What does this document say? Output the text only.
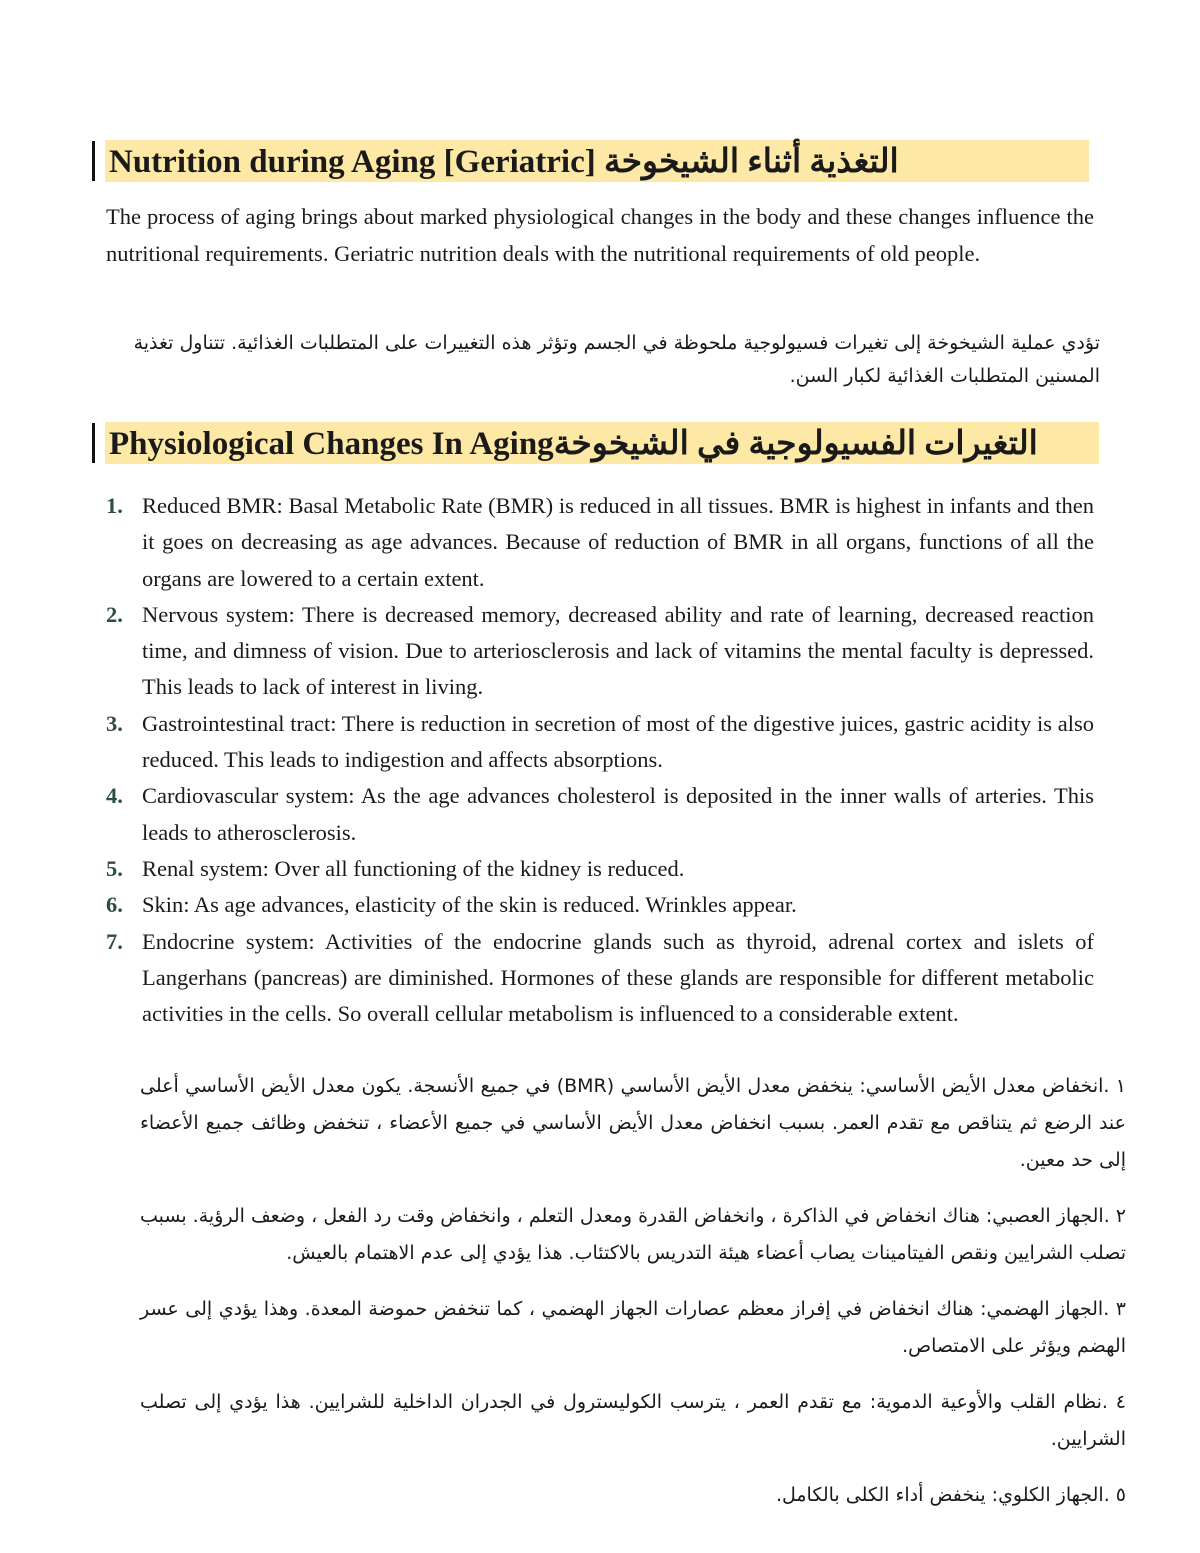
Nutrition during Aging [Geriatric] التغذية أثناء الشيخوخة

The process of aging brings about marked physiological changes in the body and these changes influence the nutritional requirements. Geriatric nutrition deals with the nutritional requirements of old people.

تؤدي عملية الشيخوخة إلى تغيرات فسيولوجية ملحوظة في الجسم وتؤثر هذه التغييرات على المتطلبات الغذائية. تتناول تغذية المسنين المتطلبات الغذائية لكبار السن.

Physiological Changes In Agingالتغيرات الفسيولوجية في الشيخوخة
1. Reduced BMR: Basal Metabolic Rate (BMR) is reduced in all tissues. BMR is highest in infants and then it goes on decreasing as age advances. Because of reduction of BMR in all organs, functions of all the organs are lowered to a certain extent.
2. Nervous system: There is decreased memory, decreased ability and rate of learning, decreased reaction time, and dimness of vision. Due to arteriosclerosis and lack of vitamins the mental faculty is depressed. This leads to lack of interest in living.
3. Gastrointestinal tract: There is reduction in secretion of most of the digestive juices, gastric acidity is also reduced. This leads to indigestion and affects absorptions.
4. Cardiovascular system: As the age advances cholesterol is deposited in the inner walls of arteries. This leads to atherosclerosis.
5. Renal system: Over all functioning of the kidney is reduced.
6. Skin: As age advances, elasticity of the skin is reduced. Wrinkles appear.
7. Endocrine system: Activities of the endocrine glands such as thyroid, adrenal cortex and islets of Langerhans (pancreas) are diminished. Hormones of these glands are responsible for different metabolic activities in the cells. So overall cellular metabolism is influenced to a considerable extent.

١ .انخفاض معدل الأيض الأساسي: ينخفض معدل الأيض الأساسي (BMR) في جميع الأنسجة. يكون معدل الأيض الأساسي أعلى عند الرضع ثم يتناقص مع تقدم العمر. بسبب انخفاض معدل الأيض الأساسي في جميع الأعضاء ، تنخفض وظائف جميع الأعضاء إلى حد معين.

٢ .الجهاز العصبي: هناك انخفاض في الذاكرة ، وانخفاض القدرة ومعدل التعلم ، وانخفاض وقت رد الفعل ، وضعف الرؤية. بسبب تصلب الشرايين ونقص الفيتامينات يصاب أعضاء هيئة التدريس بالاكتئاب. هذا يؤدي إلى عدم الاهتمام بالعيش.

٣ .الجهاز الهضمي: هناك انخفاض في إفراز معظم عصارات الجهاز الهضمي ، كما تنخفض حموضة المعدة. وهذا يؤدي إلى عسر الهضم ويؤثر على الامتصاص.

٤ .نظام القلب والأوعية الدموية: مع تقدم العمر ، يترسب الكوليسترول في الجدران الداخلية للشرايين. هذا يؤدي إلى تصلب الشرايين.

٥ .الجهاز الكلوي: ينخفض أداء الكلى بالكامل.
